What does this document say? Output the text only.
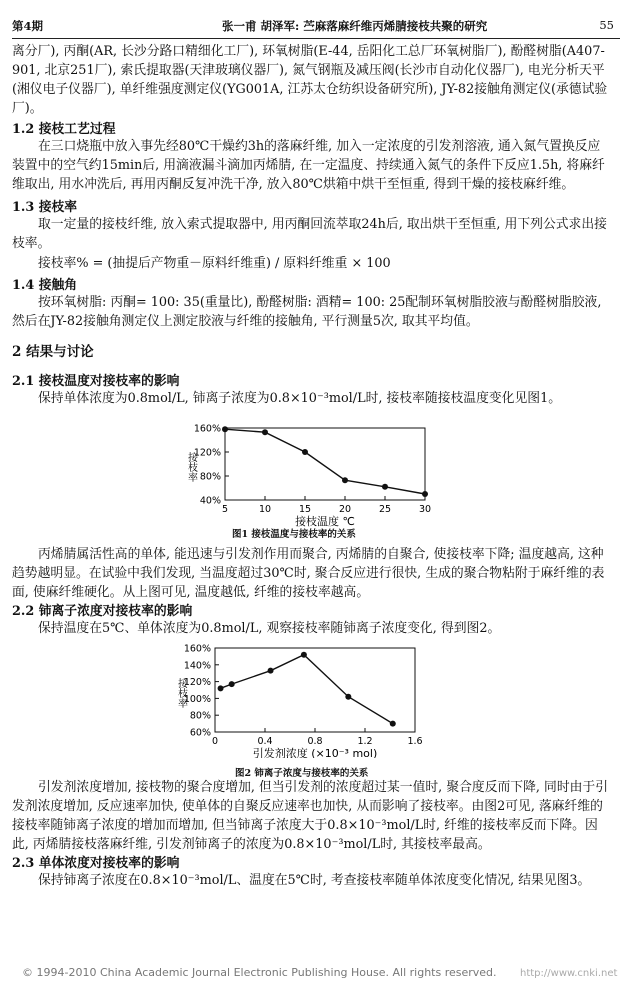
第4期	张一甫 胡泽军: 苎麻落麻纤维丙烯腈接枝共聚的研究	55

离分厂), 丙酮(AR, 长沙分路口精细化工厂), 环氧树脂(E-44, 岳阳化工总厂环氧树脂厂), 酚醛树脂(A407-901, 北京251厂), 索氏提取器(天津玻璃仪器厂), 氮气钢瓶及减压阀(长沙市自动化仪器厂), 电光分析天平(湘仪电子仪器厂), 单纤维强度测定仪(YG001A, 江苏太仓纺织设备研究所), JY-82接触角测定仪(承德试验厂)。

1.2 接枝工艺过程

在三口烧瓶中放入事先经80℃干燥约3h的落麻纤维, 加入一定浓度的引发剂溶液, 通入氮气置换反应装置中的空气约15min后, 用滴液漏斗滴加丙烯腈, 在一定温度、持续通入氮气的条件下反应1.5h, 将麻纤维取出, 用水冲洗后, 再用丙酮反复冲洗干净, 放入80℃烘箱中烘干至恒重, 得到干燥的接枝麻纤维。

1.3 接枝率

取一定量的接枝纤维, 放入索式提取器中, 用丙酮回流萃取24h后, 取出烘干至恒重, 用下列公式求出接枝率。

接枝率% = (抽提后产物重－原料纤维重) / 原料纤维重 × 100

1.4 接触角

按环氧树脂: 丙酮= 100: 35(重量比), 酚醛树脂: 酒精= 100: 25配制环氧树脂胶液与酚醛树脂胶液, 然后在JY-82接触角测定仪上测定胶液与纤维的接触角, 平行测量5次, 取其平均值。

2 结果与讨论
2.1 接枝温度对接枝率的影响

保持单体浓度为0.8mol/L, 铈离子浓度为0.8×10⁻³mol/L时, 接枝率随接枝温度变化见图1。

5	10	15	20	25	30
40%
80%
120%
160%
接枝温度 ℃
接枝率
图1 接枝温度与接枝率的关系

丙烯腈属活性高的单体, 能迅速与引发剂作用而聚合, 丙烯腈的自聚合, 使接枝率下降; 温度越高, 这种趋势越明显。在试验中我们发现, 当温度超过30℃时, 聚合反应进行很快, 生成的聚合物粘附于麻纤维的表面, 使麻纤维硬化。从上图可见, 温度越低, 纤维的接枝率越高。

2.2 铈离子浓度对接枝率的影响

保持温度在5℃、单体浓度为0.8mol/L, 观察接枝率随铈离子浓度变化, 得到图2。

0	0.4	0.8	1.2	1.6
60%
80%
100%
120%
140%
160%
引发剂浓度 (×10⁻³ mol)
接枝率
图2 铈离子浓度与接枝率的关系

引发剂浓度增加, 接枝物的聚合度增加, 但当引发剂的浓度超过某一值时, 聚合度反而下降, 同时由于引发剂浓度增加, 反应速率加快, 使单体的自聚反应速率也加快, 从而影响了接枝率。由图2可见, 落麻纤维的接枝率随铈离子浓度的增加而增加, 但当铈离子浓度大于0.8×10⁻³mol/L时, 纤维的接枝率反而下降。因此, 丙烯腈接枝落麻纤维, 引发剂铈离子的浓度为0.8×10⁻³mol/L时, 其接枝率最高。

2.3 单体浓度对接枝率的影响

保持铈离子浓度在0.8×10⁻³mol/L、温度在5℃时, 考查接枝率随单体浓度变化情况, 结果见图3。

© 1994-2010 China Academic Journal Electronic Publishing House. All rights reserved. http://www.cnki.net
